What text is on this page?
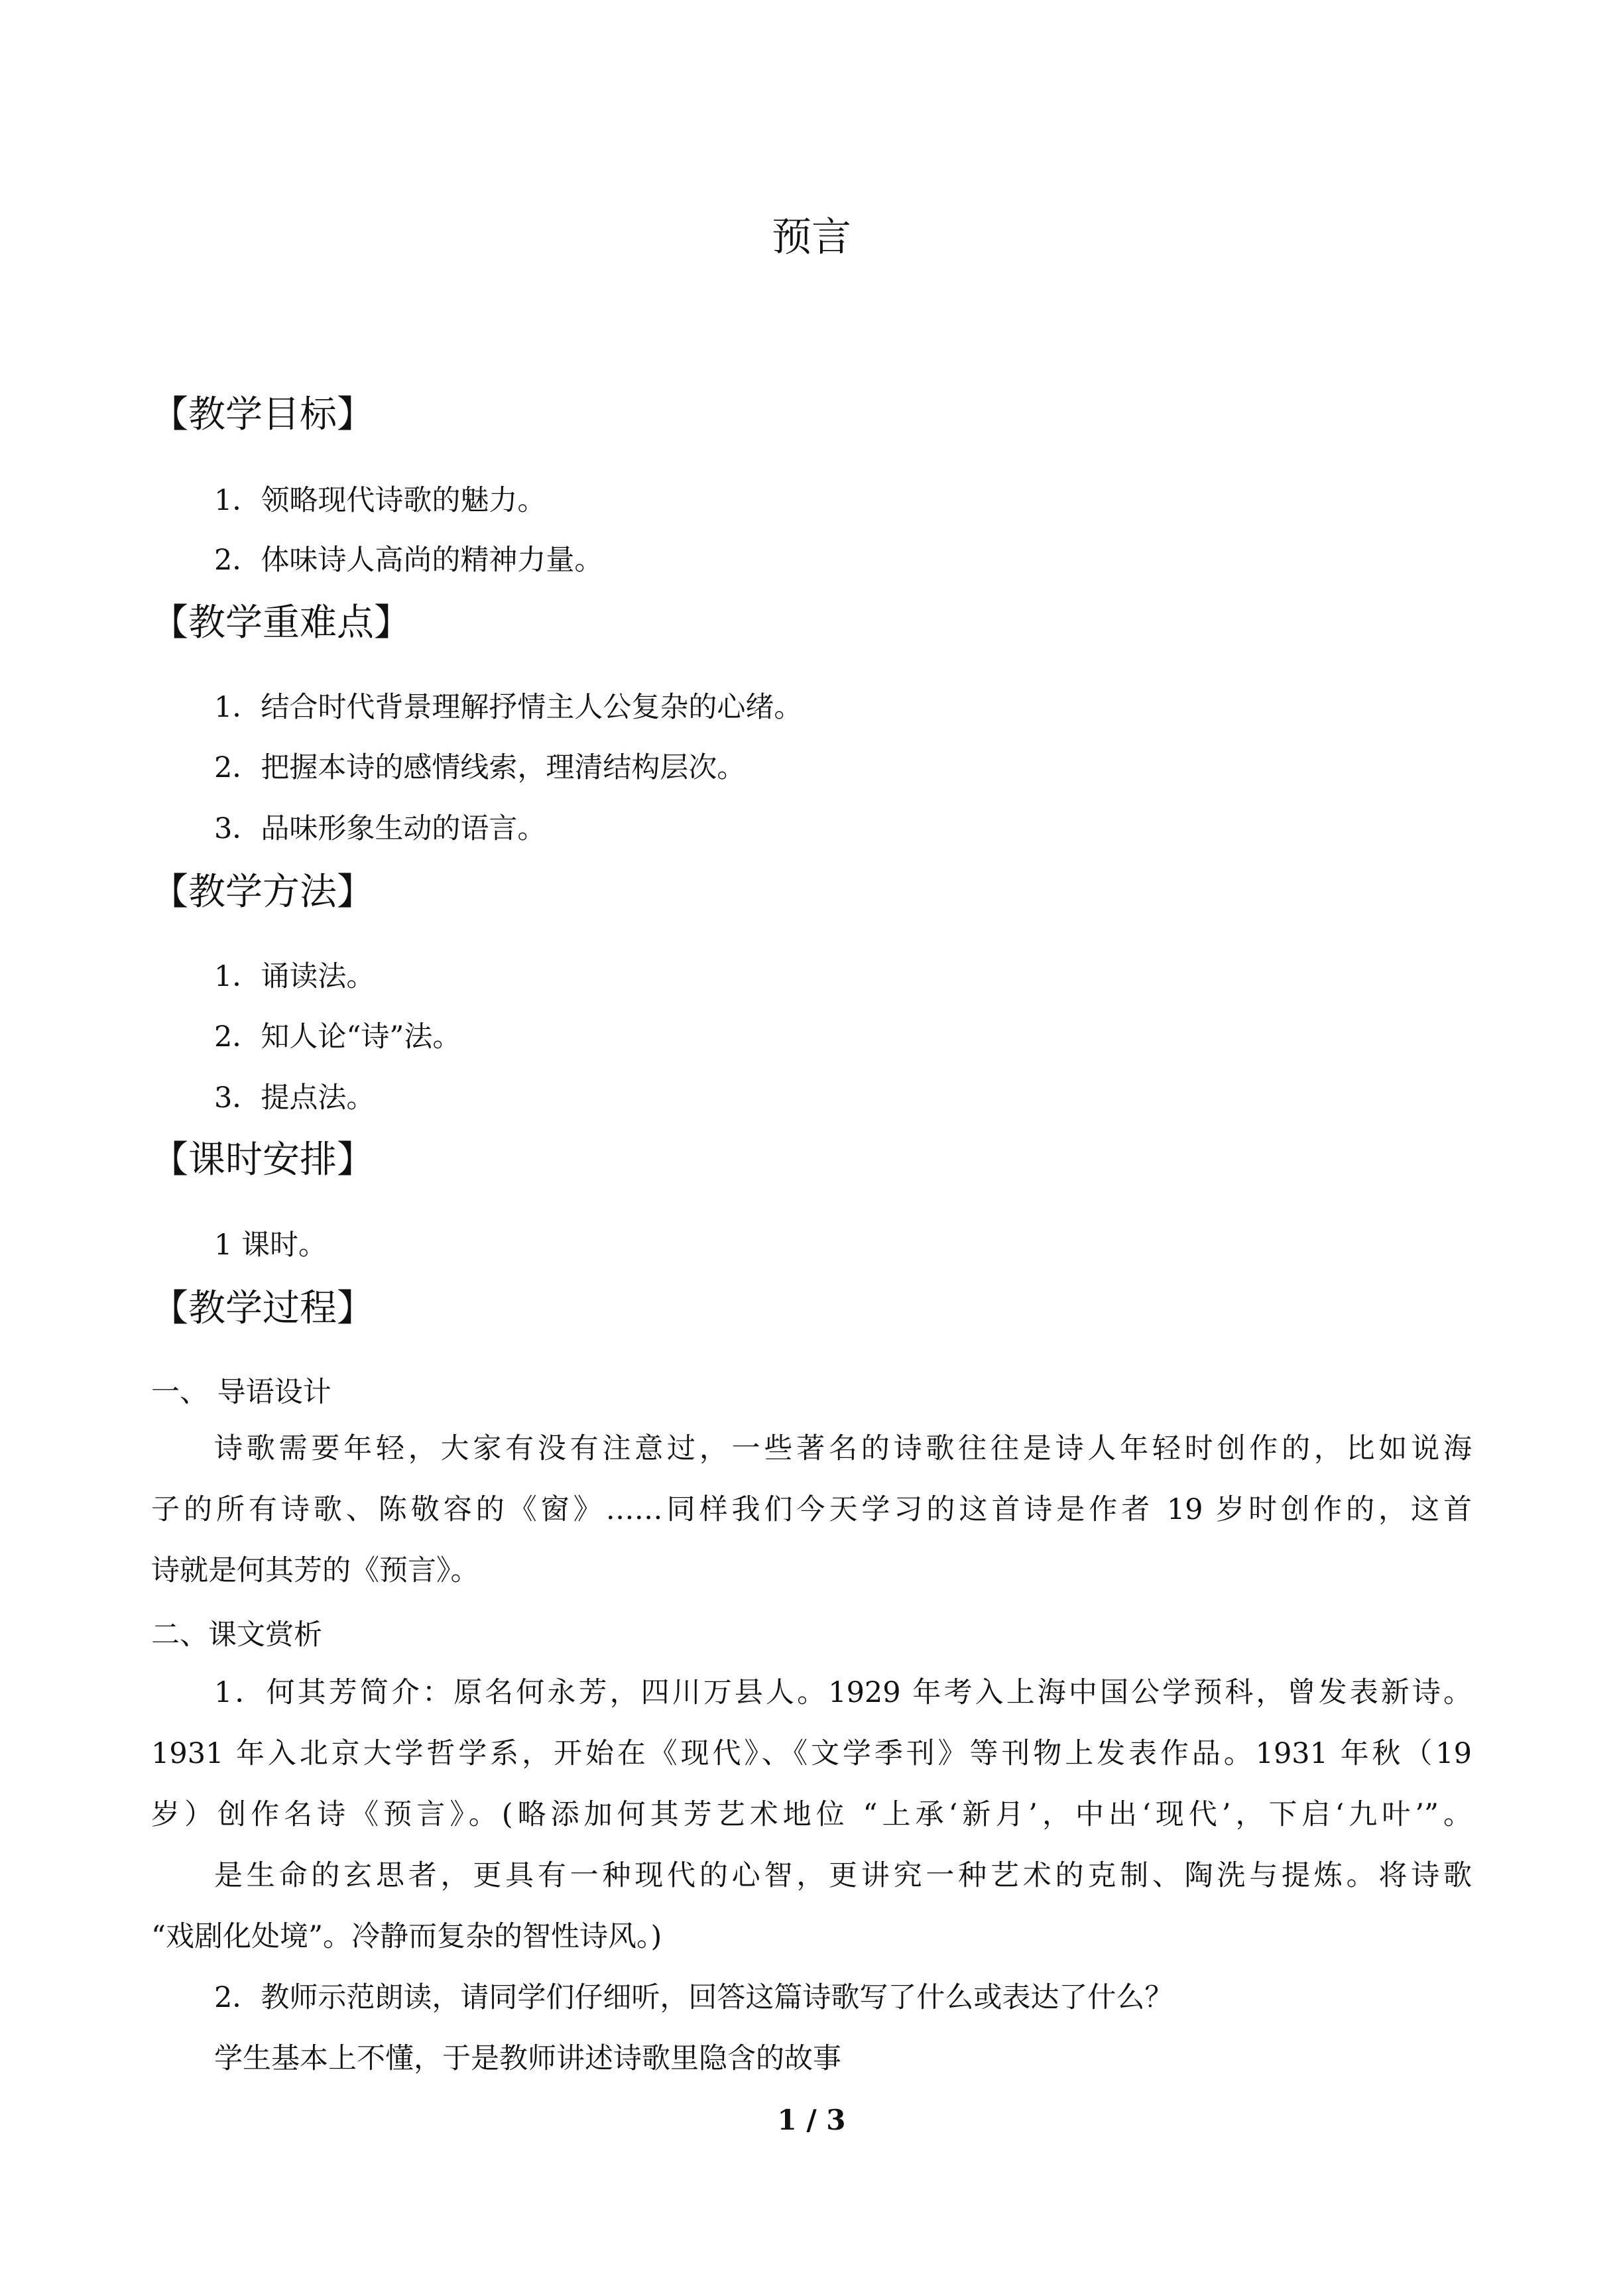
预言
【教学目标】
1．领略现代诗歌的魅力。
2．体味诗人高尚的精神力量。
【教学重难点】
1．结合时代背景理解抒情主人公复杂的心绪。
2．把握本诗的感情线索，理清结构层次。
3．品味形象生动的语言。
【教学方法】
1．诵读法。
2．知人论“诗”法。
3．提点法。
【课时安排】
1 课时。
【教学过程】
一、 导语设计
诗歌需要年轻，大家有没有注意过，一些著名的诗歌往往是诗人年轻时创作的，比如说海
子的所有诗歌、陈敬容的《窗》……同样我们今天学习的这首诗是作者 19 岁时创作的，这首
诗就是何其芳的《预言》。
二、课文赏析
1．何其芳简介：原名何永芳，四川万县人。1929 年考入上海中国公学预科，曾发表新诗。
1931 年入北京大学哲学系，开始在《现代》、《文学季刊》等刊物上发表作品。1931 年秋（19
岁）创作名诗《预言》。(略添加何其芳艺术地位 “上承‘新月’，中出‘现代’，下启‘九叶’”。
是生命的玄思者，更具有一种现代的心智，更讲究一种艺术的克制、陶洗与提炼。将诗歌
“戏剧化处境”。冷静而复杂的智性诗风。)
2．教师示范朗读，请同学们仔细听，回答这篇诗歌写了什么或表达了什么？
学生基本上不懂，于是教师讲述诗歌里隐含的故事
1 / 3
